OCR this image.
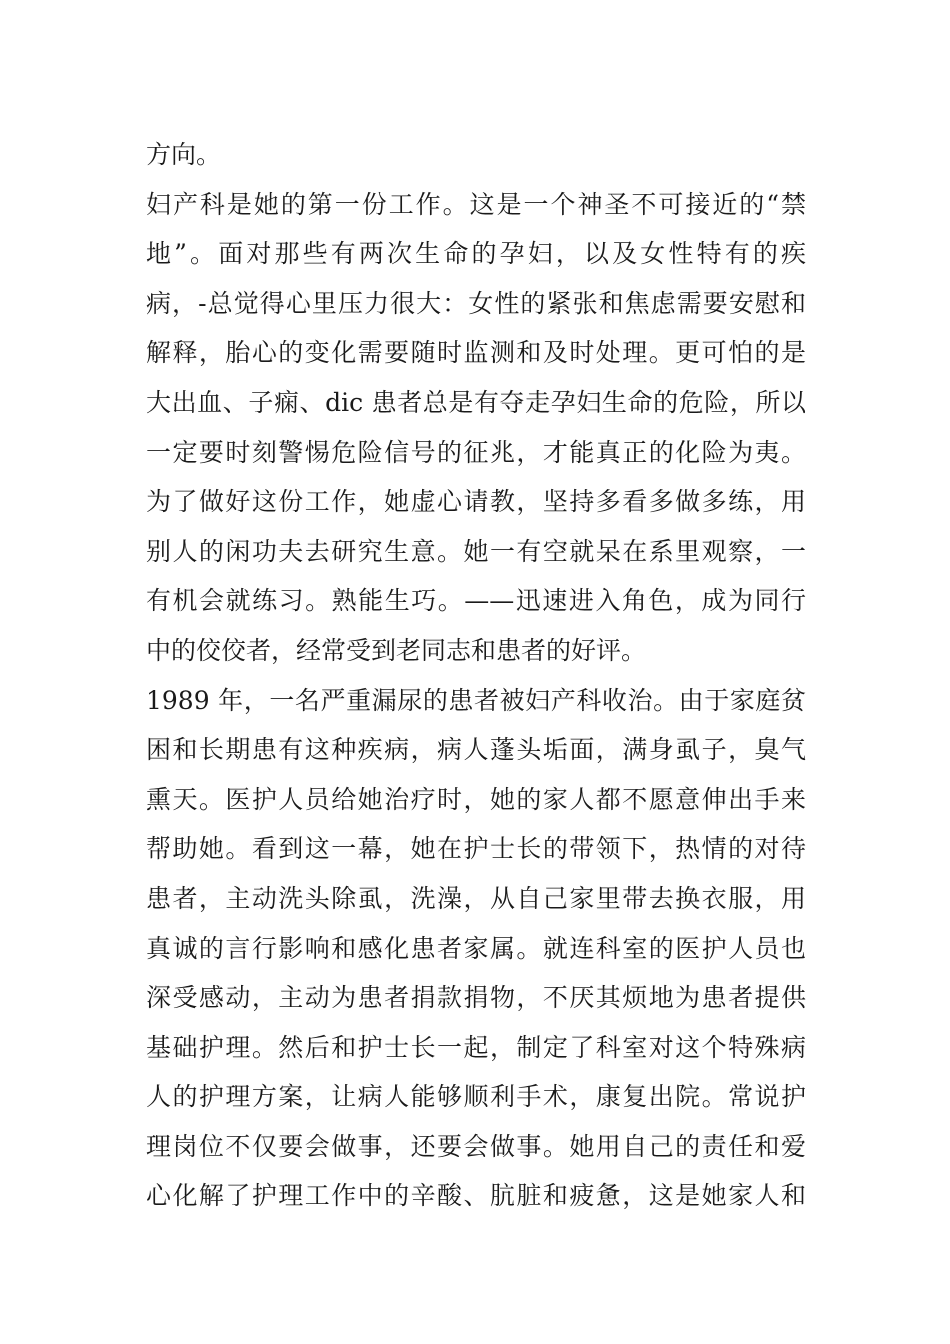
方向。
妇产科是她的第一份工作。这是一个神圣不可接近的“禁
地”。面对那些有两次生命的孕妇，以及女性特有的疾
病，-总觉得心里压力很大：女性的紧张和焦虑需要安慰和
解释，胎心的变化需要随时监测和及时处理。更可怕的是
大出血、子痫、dic 患者总是有夺走孕妇生命的危险，所以
一定要时刻警惕危险信号的征兆，才能真正的化险为夷。
为了做好这份工作，她虚心请教，坚持多看多做多练，用
别人的闲功夫去研究生意。她一有空就呆在系里观察，一
有机会就练习。熟能生巧。——迅速进入角色，成为同行
中的佼佼者，经常受到老同志和患者的好评。
1989 年，一名严重漏尿的患者被妇产科收治。由于家庭贫
困和长期患有这种疾病，病人蓬头垢面，满身虱子，臭气
熏天。医护人员给她治疗时，她的家人都不愿意伸出手来
帮助她。看到这一幕，她在护士长的带领下，热情的对待
患者，主动洗头除虱，洗澡，从自己家里带去换衣服，用
真诚的言行影响和感化患者家属。就连科室的医护人员也
深受感动，主动为患者捐款捐物，不厌其烦地为患者提供
基础护理。然后和护士长一起，制定了科室对这个特殊病
人的护理方案，让病人能够顺利手术，康复出院。常说护
理岗位不仅要会做事，还要会做事。她用自己的责任和爱
心化解了护理工作中的辛酸、肮脏和疲惫，这是她家人和
